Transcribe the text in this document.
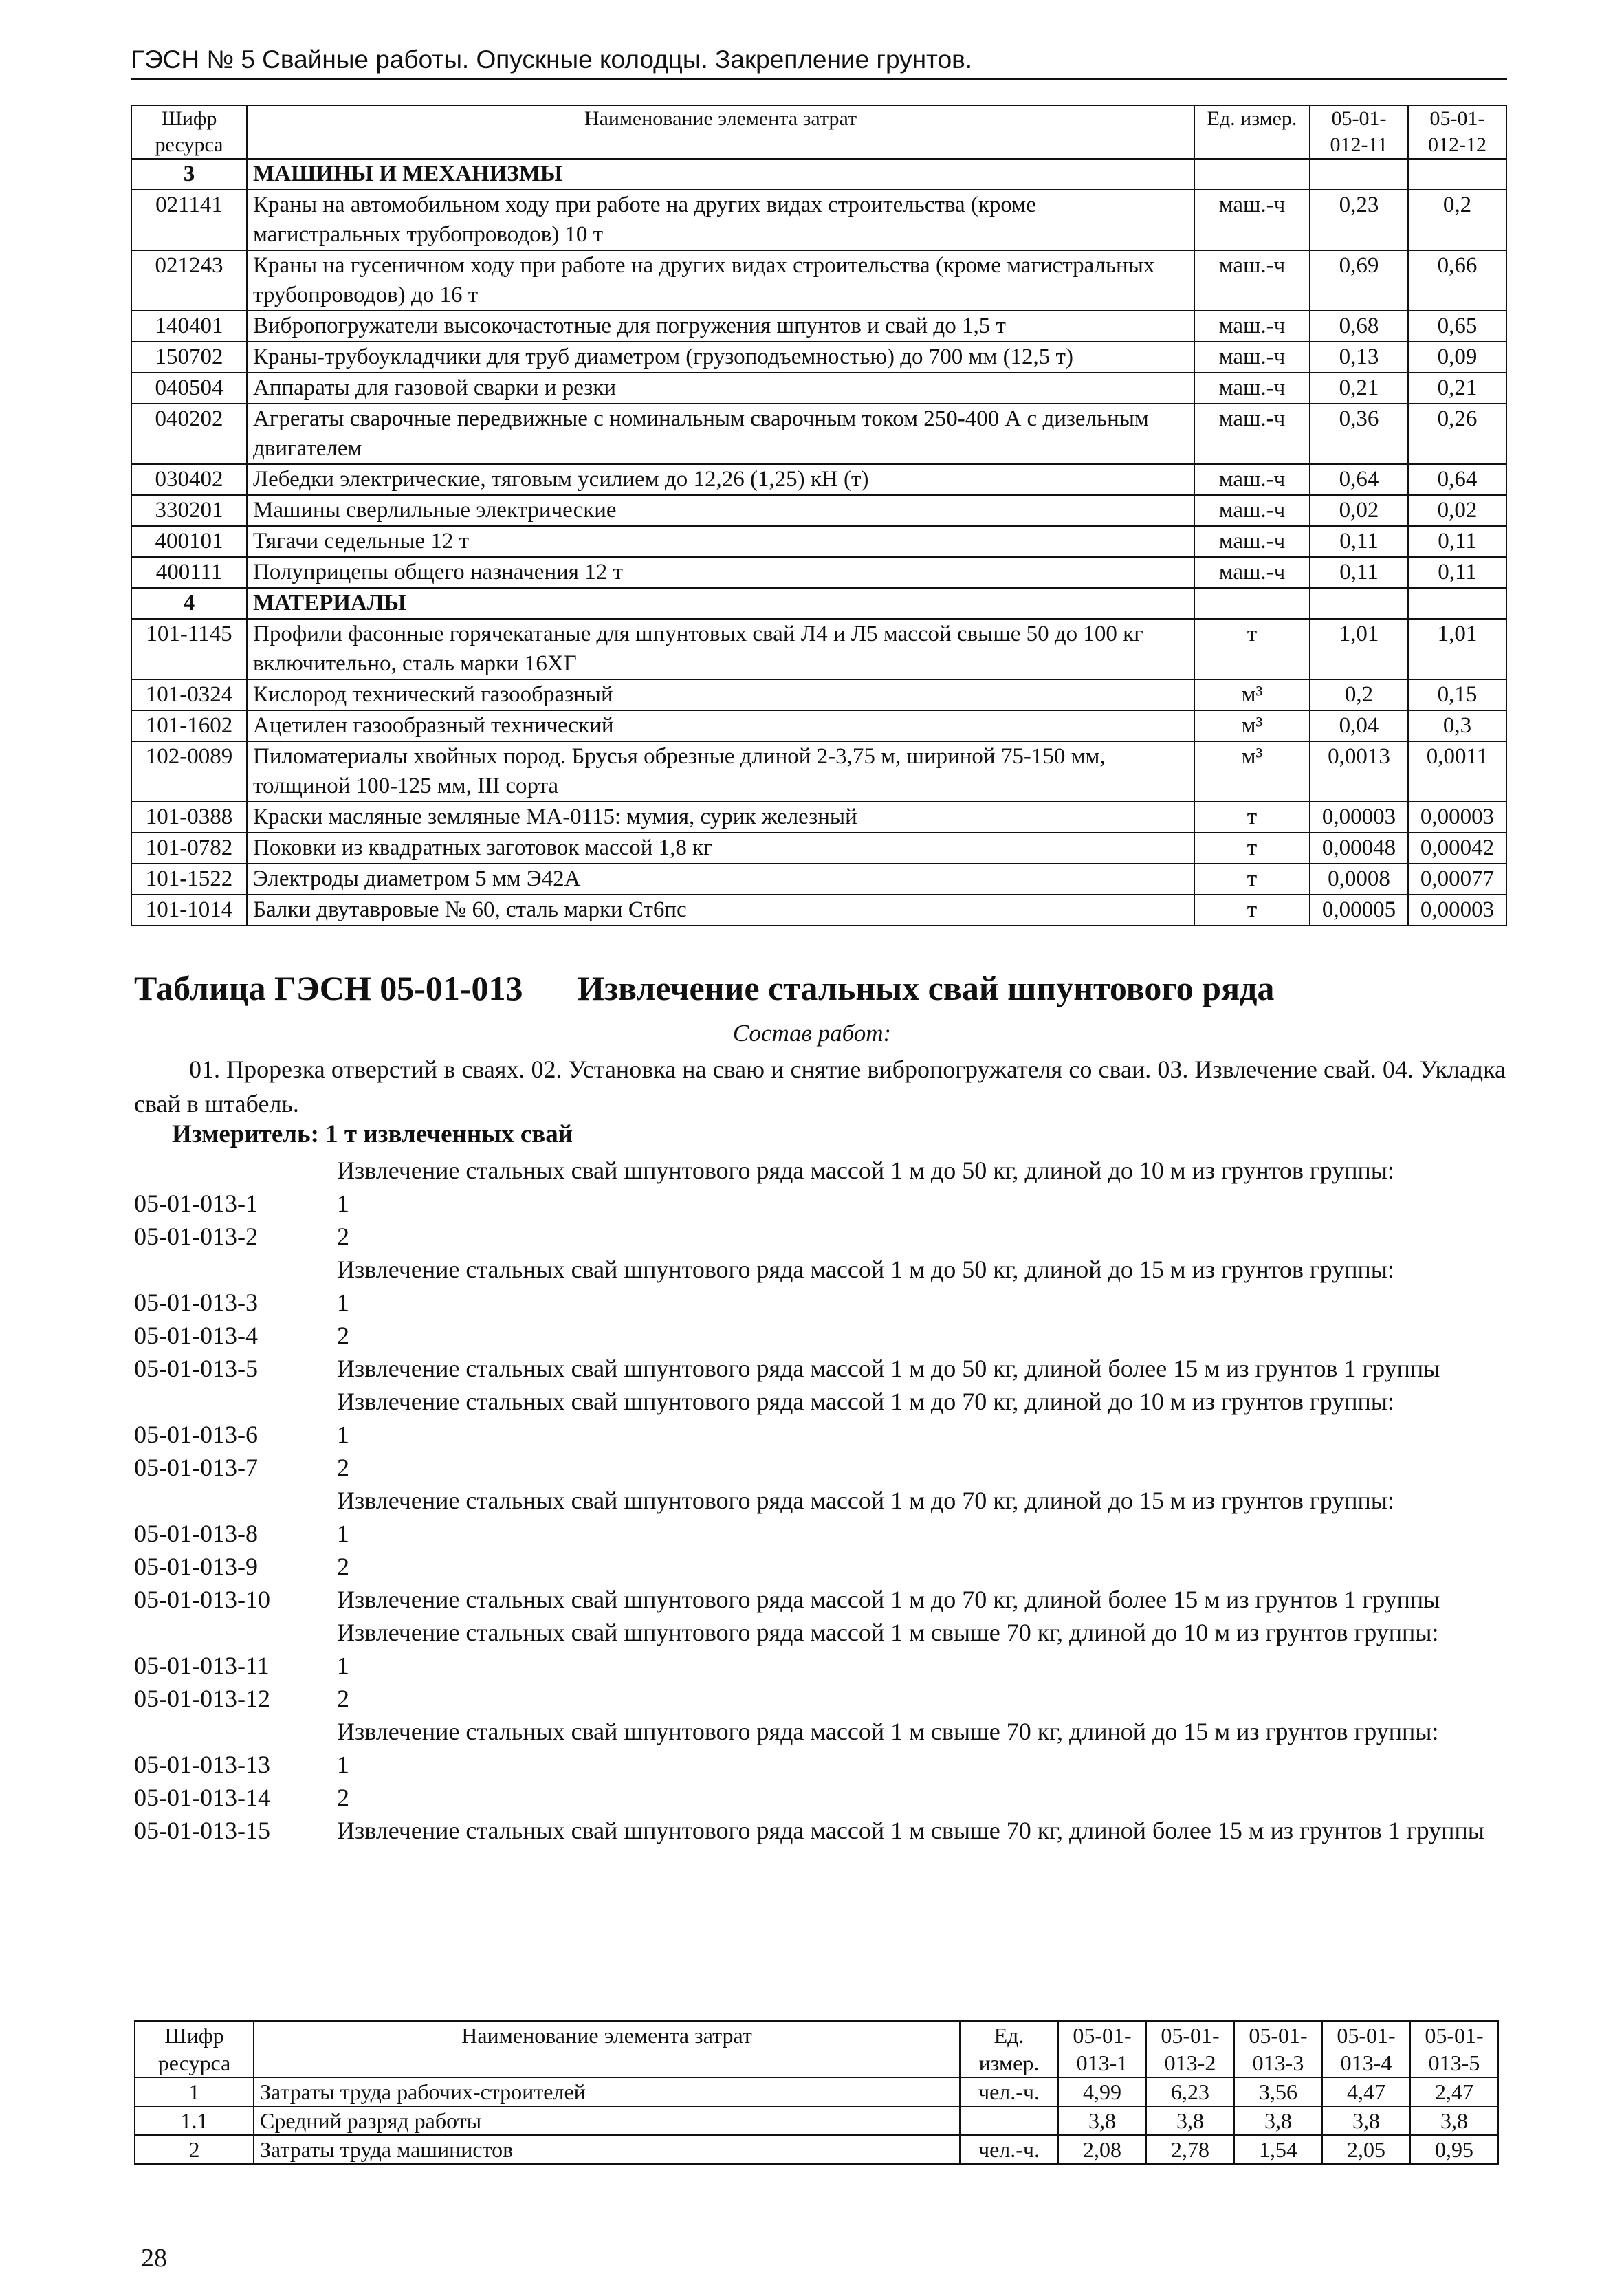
ГЭСН № 5 Свайные работы. Опускные колодцы. Закрепление грунтов.
Шифр ресурса	Наименование элемента затрат	Ед. измер.	05-01-012-11	05-01-012-12
3	МАШИНЫ И МЕХАНИЗМЫ			
021141	Краны на автомобильном ходу при работе на других видах строительства (кроме магистральных трубопроводов) 10 т	маш.-ч	0,23	0,2
021243	Краны на гусеничном ходу при работе на других видах строительства (кроме магистральных трубопроводов) до 16 т	маш.-ч	0,69	0,66
140401	Вибропогружатели высокочастотные для погружения шпунтов и свай до 1,5 т	маш.-ч	0,68	0,65
150702	Краны-трубоукладчики для труб диаметром (грузоподъемностью) до 700 мм (12,5 т)	маш.-ч	0,13	0,09
040504	Аппараты для газовой сварки и резки	маш.-ч	0,21	0,21
040202	Агрегаты сварочные передвижные с номинальным сварочным током 250-400 А с дизельным двигателем	маш.-ч	0,36	0,26
030402	Лебедки электрические, тяговым усилием до 12,26 (1,25) кН (т)	маш.-ч	0,64	0,64
330201	Машины сверлильные электрические	маш.-ч	0,02	0,02
400101	Тягачи седельные 12 т	маш.-ч	0,11	0,11
400111	Полуприцепы общего назначения 12 т	маш.-ч	0,11	0,11
4	МАТЕРИАЛЫ			
101-1145	Профили фасонные горячекатаные для шпунтовых свай Л4 и Л5 массой свыше 50 до 100 кг включительно, сталь марки 16ХГ	т	1,01	1,01
101-0324	Кислород технический газообразный	м³	0,2	0,15
101-1602	Ацетилен газообразный технический	м³	0,04	0,3
102-0089	Пиломатериалы хвойных пород. Брусья обрезные длиной 2-3,75 м, шириной 75-150 мм, толщиной 100-125 мм, III сорта	м³	0,0013	0,0011
101-0388	Краски масляные земляные МА-0115: мумия, сурик железный	т	0,00003	0,00003
101-0782	Поковки из квадратных заготовок массой 1,8 кг	т	0,00048	0,00042
101-1522	Электроды диаметром 5 мм Э42А	т	0,0008	0,00077
101-1014	Балки двутавровые № 60, сталь марки Ст6пс	т	0,00005	0,00003
Таблица ГЭСН 05-01-013 Извлечение стальных свай шпунтового ряда
Состав работ:
01. Прорезка отверстий в сваях. 02. Установка на сваю и снятие вибропогружателя со сваи. 03. Извлечение свай. 04. Укладка свай в штабель.
Измеритель: 1 т извлеченных свай
Извлечение стальных свай шпунтового ряда массой 1 м до 50 кг, длиной до 10 м из грунтов группы:
05-01-013-1	1
05-01-013-2	2
Извлечение стальных свай шпунтового ряда массой 1 м до 50 кг, длиной до 15 м из грунтов группы:
05-01-013-3	1
05-01-013-4	2
05-01-013-5	Извлечение стальных свай шпунтового ряда массой 1 м до 50 кг, длиной более 15 м из грунтов 1 группы
Извлечение стальных свай шпунтового ряда массой 1 м до 70 кг, длиной до 10 м из грунтов группы:
05-01-013-6	1
05-01-013-7	2
Извлечение стальных свай шпунтового ряда массой 1 м до 70 кг, длиной до 15 м из грунтов группы:
05-01-013-8	1
05-01-013-9	2
05-01-013-10	Извлечение стальных свай шпунтового ряда массой 1 м до 70 кг, длиной более 15 м из грунтов 1 группы
Извлечение стальных свай шпунтового ряда массой 1 м свыше 70 кг, длиной до 10 м из грунтов группы:
05-01-013-11	1
05-01-013-12	2
Извлечение стальных свай шпунтового ряда массой 1 м свыше 70 кг, длиной до 15 м из грунтов группы:
05-01-013-13	1
05-01-013-14	2
05-01-013-15	Извлечение стальных свай шпунтового ряда массой 1 м свыше 70 кг, длиной более 15 м из грунтов 1 группы
Шифр ресурса	Наименование элемента затрат	Ед. измер.	05-01-013-1	05-01-013-2	05-01-013-3	05-01-013-4	05-01-013-5
1	Затраты труда рабочих-строителей	чел.-ч.	4,99	6,23	3,56	4,47	2,47
1.1	Средний разряд работы		3,8	3,8	3,8	3,8	3,8
2	Затраты труда машинистов	чел.-ч.	2,08	2,78	1,54	2,05	0,95
28
